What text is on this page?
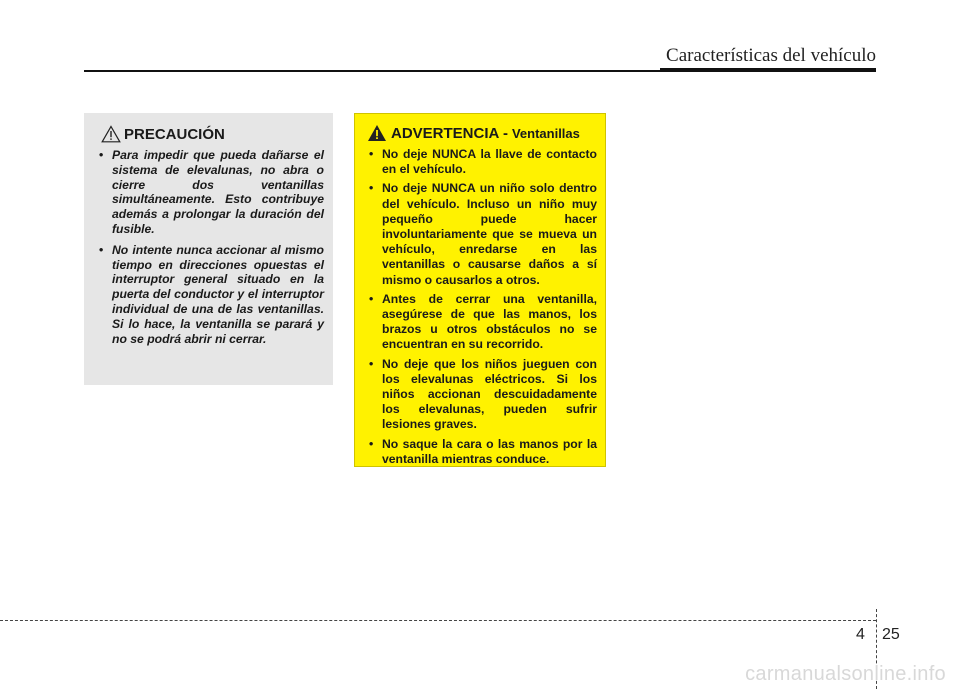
Características del vehículo
PRECAUCIÓN
• Para impedir que pueda dañarse el sistema de elevalunas, no abra o cierre dos ventanillas simultáneamente. Esto contribuye además a prolongar la duración del fusible.
• No intente nunca accionar al mismo tiempo en direcciones opuestas el interruptor general situado en la puerta del conductor y el interruptor individual de una de las ventanillas. Si lo hace, la ventanilla se parará y no se podrá abrir ni cerrar.
ADVERTENCIA - Ventanillas
• No deje NUNCA la llave de contacto en el vehículo.
• No deje NUNCA un niño solo dentro del vehículo. Incluso un niño muy pequeño puede hacer involuntariamente que se mueva un vehículo, enredarse en las ventanillas o causarse daños a sí mismo o causarlos a otros.
• Antes de cerrar una ventanilla, asegúrese de que las manos, los brazos u otros obstáculos no se encuentran en su recorrido.
• No deje que los niños jueguen con los elevalunas eléctricos. Si los niños accionan descuidadamente los elevalunas, pueden sufrir lesiones graves.
• No saque la cara o las manos por la ventanilla mientras conduce.
4 25
carmanualsonline.info
